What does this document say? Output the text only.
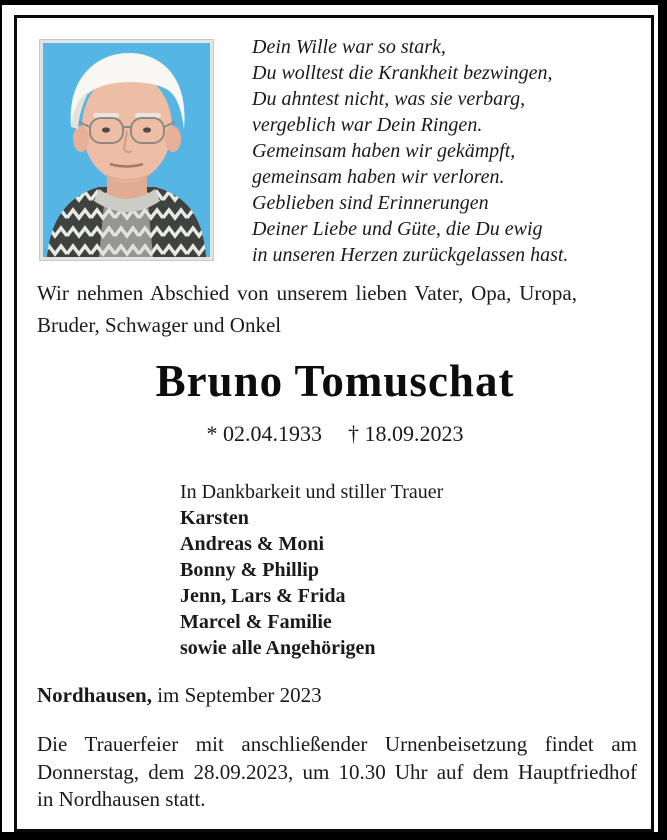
Dein Wille war so stark,
Du wolltest die Krankheit bezwingen,
Du ahntest nicht, was sie verbarg,
vergeblich war Dein Ringen.
Gemeinsam haben wir gekämpft,
gemeinsam haben wir verloren.
Geblieben sind Erinnerungen
Deiner Liebe und Güte, die Du ewig
in unseren Herzen zurückgelassen hast.
Wir nehmen Abschied von unserem lieben Vater, Opa, Uropa,
Bruder, Schwager und Onkel
Bruno Tomuschat
* 02.04.1933 † 18.09.2023
In Dankbarkeit und stiller Trauer
Karsten
Andreas & Moni
Bonny & Phillip
Jenn, Lars & Frida
Marcel & Familie
sowie alle Angehörigen
Nordhausen, im September 2023
Die Trauerfeier mit anschließender Urnenbeisetzung findet am
Donnerstag, dem 28.09.2023, um 10.30 Uhr auf dem Hauptfriedhof
in Nordhausen statt.
